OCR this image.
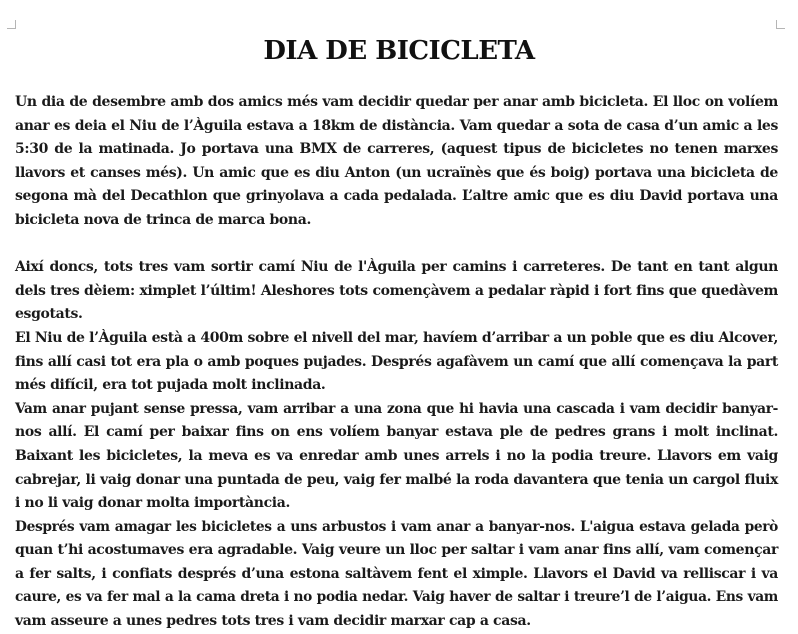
DIA DE BICICLETA
Un dia de desembre amb dos amics més vam decidir quedar per anar amb bicicleta. El lloc on volíem
anar es deia el Niu de l’Àguila estava a 18km de distància. Vam quedar a sota de casa d’un amic a les
5:30 de la matinada. Jo portava una BMX de carreres, (aquest tipus de bicicletes no tenen marxes
llavors et canses més). Un amic que es diu Anton (un ucraïnès que és boig) portava una bicicleta de
segona mà del Decathlon que grinyolava a cada pedalada. L’altre amic que es diu David portava una
bicicleta nova de trinca de marca bona.
Així doncs, tots tres vam sortir camí Niu de l'Àguila per camins i carreteres. De tant en tant algun
dels tres dèiem: ximplet l’últim! Aleshores tots començàvem a pedalar ràpid i fort fins que quedàvem
esgotats.
El Niu de l’Àguila està a 400m sobre el nivell del mar, havíem d’arribar a un poble que es diu Alcover,
fins allí casi tot era pla o amb poques pujades. Després agafàvem un camí que allí començava la part
més difícil, era tot pujada molt inclinada.
Vam anar pujant sense pressa, vam arribar a una zona que hi havia una cascada i vam decidir banyar-
nos allí. El camí per baixar fins on ens volíem banyar estava ple de pedres grans i molt inclinat.
Baixant les bicicletes, la meva es va enredar amb unes arrels i no la podia treure. Llavors em vaig
cabrejar, li vaig donar una puntada de peu, vaig fer malbé la roda davantera que tenia un cargol fluix
i no li vaig donar molta importància.
Després vam amagar les bicicletes a uns arbustos i vam anar a banyar-nos. L'aigua estava gelada però
quan t’hi acostumaves era agradable. Vaig veure un lloc per saltar i vam anar fins allí, vam començar
a fer salts, i confiats després d’una estona saltàvem fent el ximple. Llavors el David va relliscar i va
caure, es va fer mal a la cama dreta i no podia nedar. Vaig haver de saltar i treure’l de l’aigua. Ens vam
vam asseure a unes pedres tots tres i vam decidir marxar cap a casa.
